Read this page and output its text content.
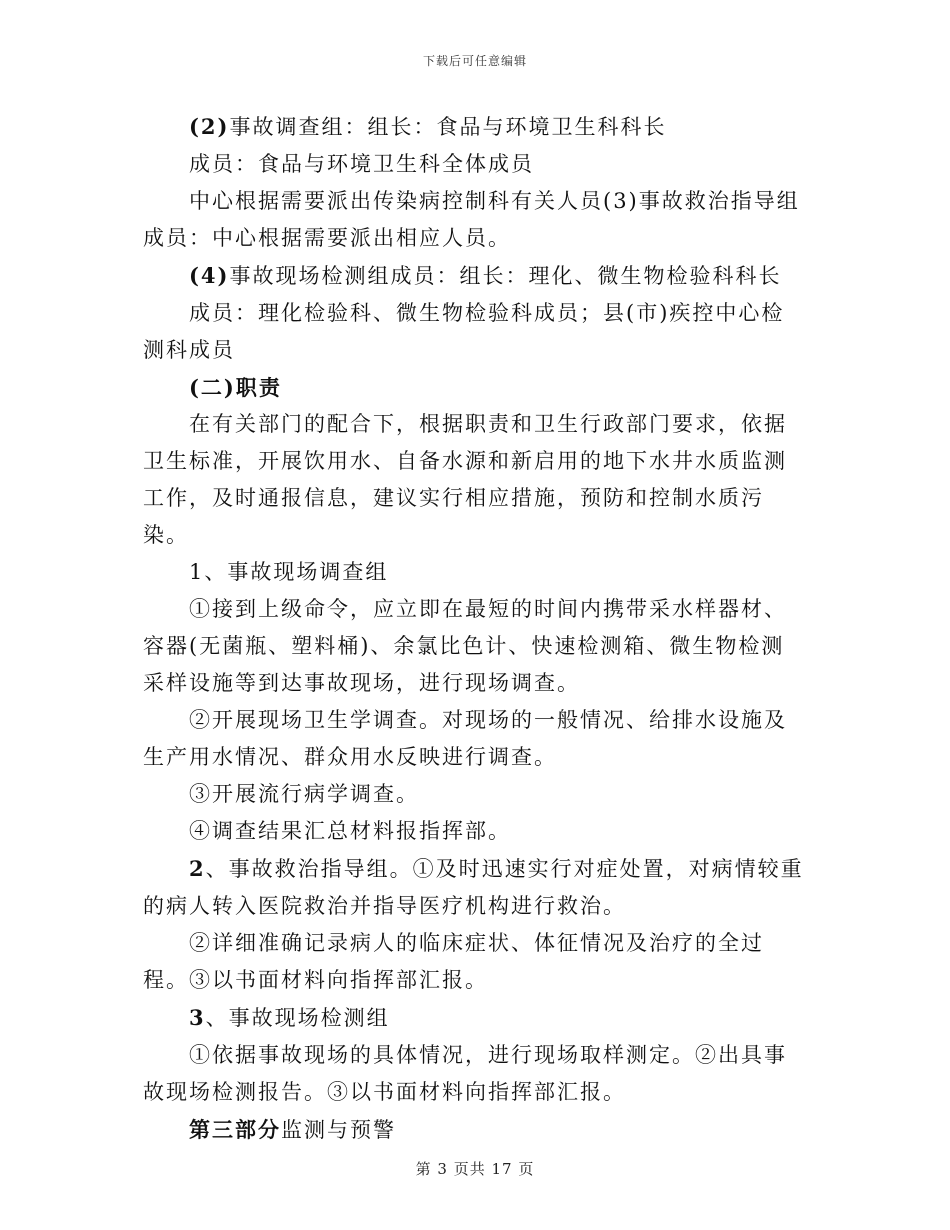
下载后可任意编辑

(2)事故调查组：组长：食品与环境卫生科科长

成员：食品与环境卫生科全体成员

中心根据需要派出传染病控制科有关人员(3)事故救治指导组成员：中心根据需要派出相应人员。

(4)事故现场检测组成员：组长：理化、微生物检验科科长

成员：理化检验科、微生物检验科成员；县(市)疾控中心检测科成员

(二)职责

在有关部门的配合下，根据职责和卫生行政部门要求，依据卫生标准，开展饮用水、自备水源和新启用的地下水井水质监测工作，及时通报信息，建议实行相应措施，预防和控制水质污染。

1、事故现场调查组

①接到上级命令，应立即在最短的时间内携带采水样器材、容器(无菌瓶、塑料桶)、余氯比色计、快速检测箱、微生物检测采样设施等到达事故现场，进行现场调查。

②开展现场卫生学调查。对现场的一般情况、给排水设施及生产用水情况、群众用水反映进行调查。

③开展流行病学调查。

④调查结果汇总材料报指挥部。

2、事故救治指导组。①及时迅速实行对症处置，对病情较重的病人转入医院救治并指导医疗机构进行救治。

②详细准确记录病人的临床症状、体征情况及治疗的全过程。③以书面材料向指挥部汇报。

3、事故现场检测组

①依据事故现场的具体情况，进行现场取样测定。②出具事故现场检测报告。③以书面材料向指挥部汇报。

第三部分监测与预警

第 3 页共 17 页
